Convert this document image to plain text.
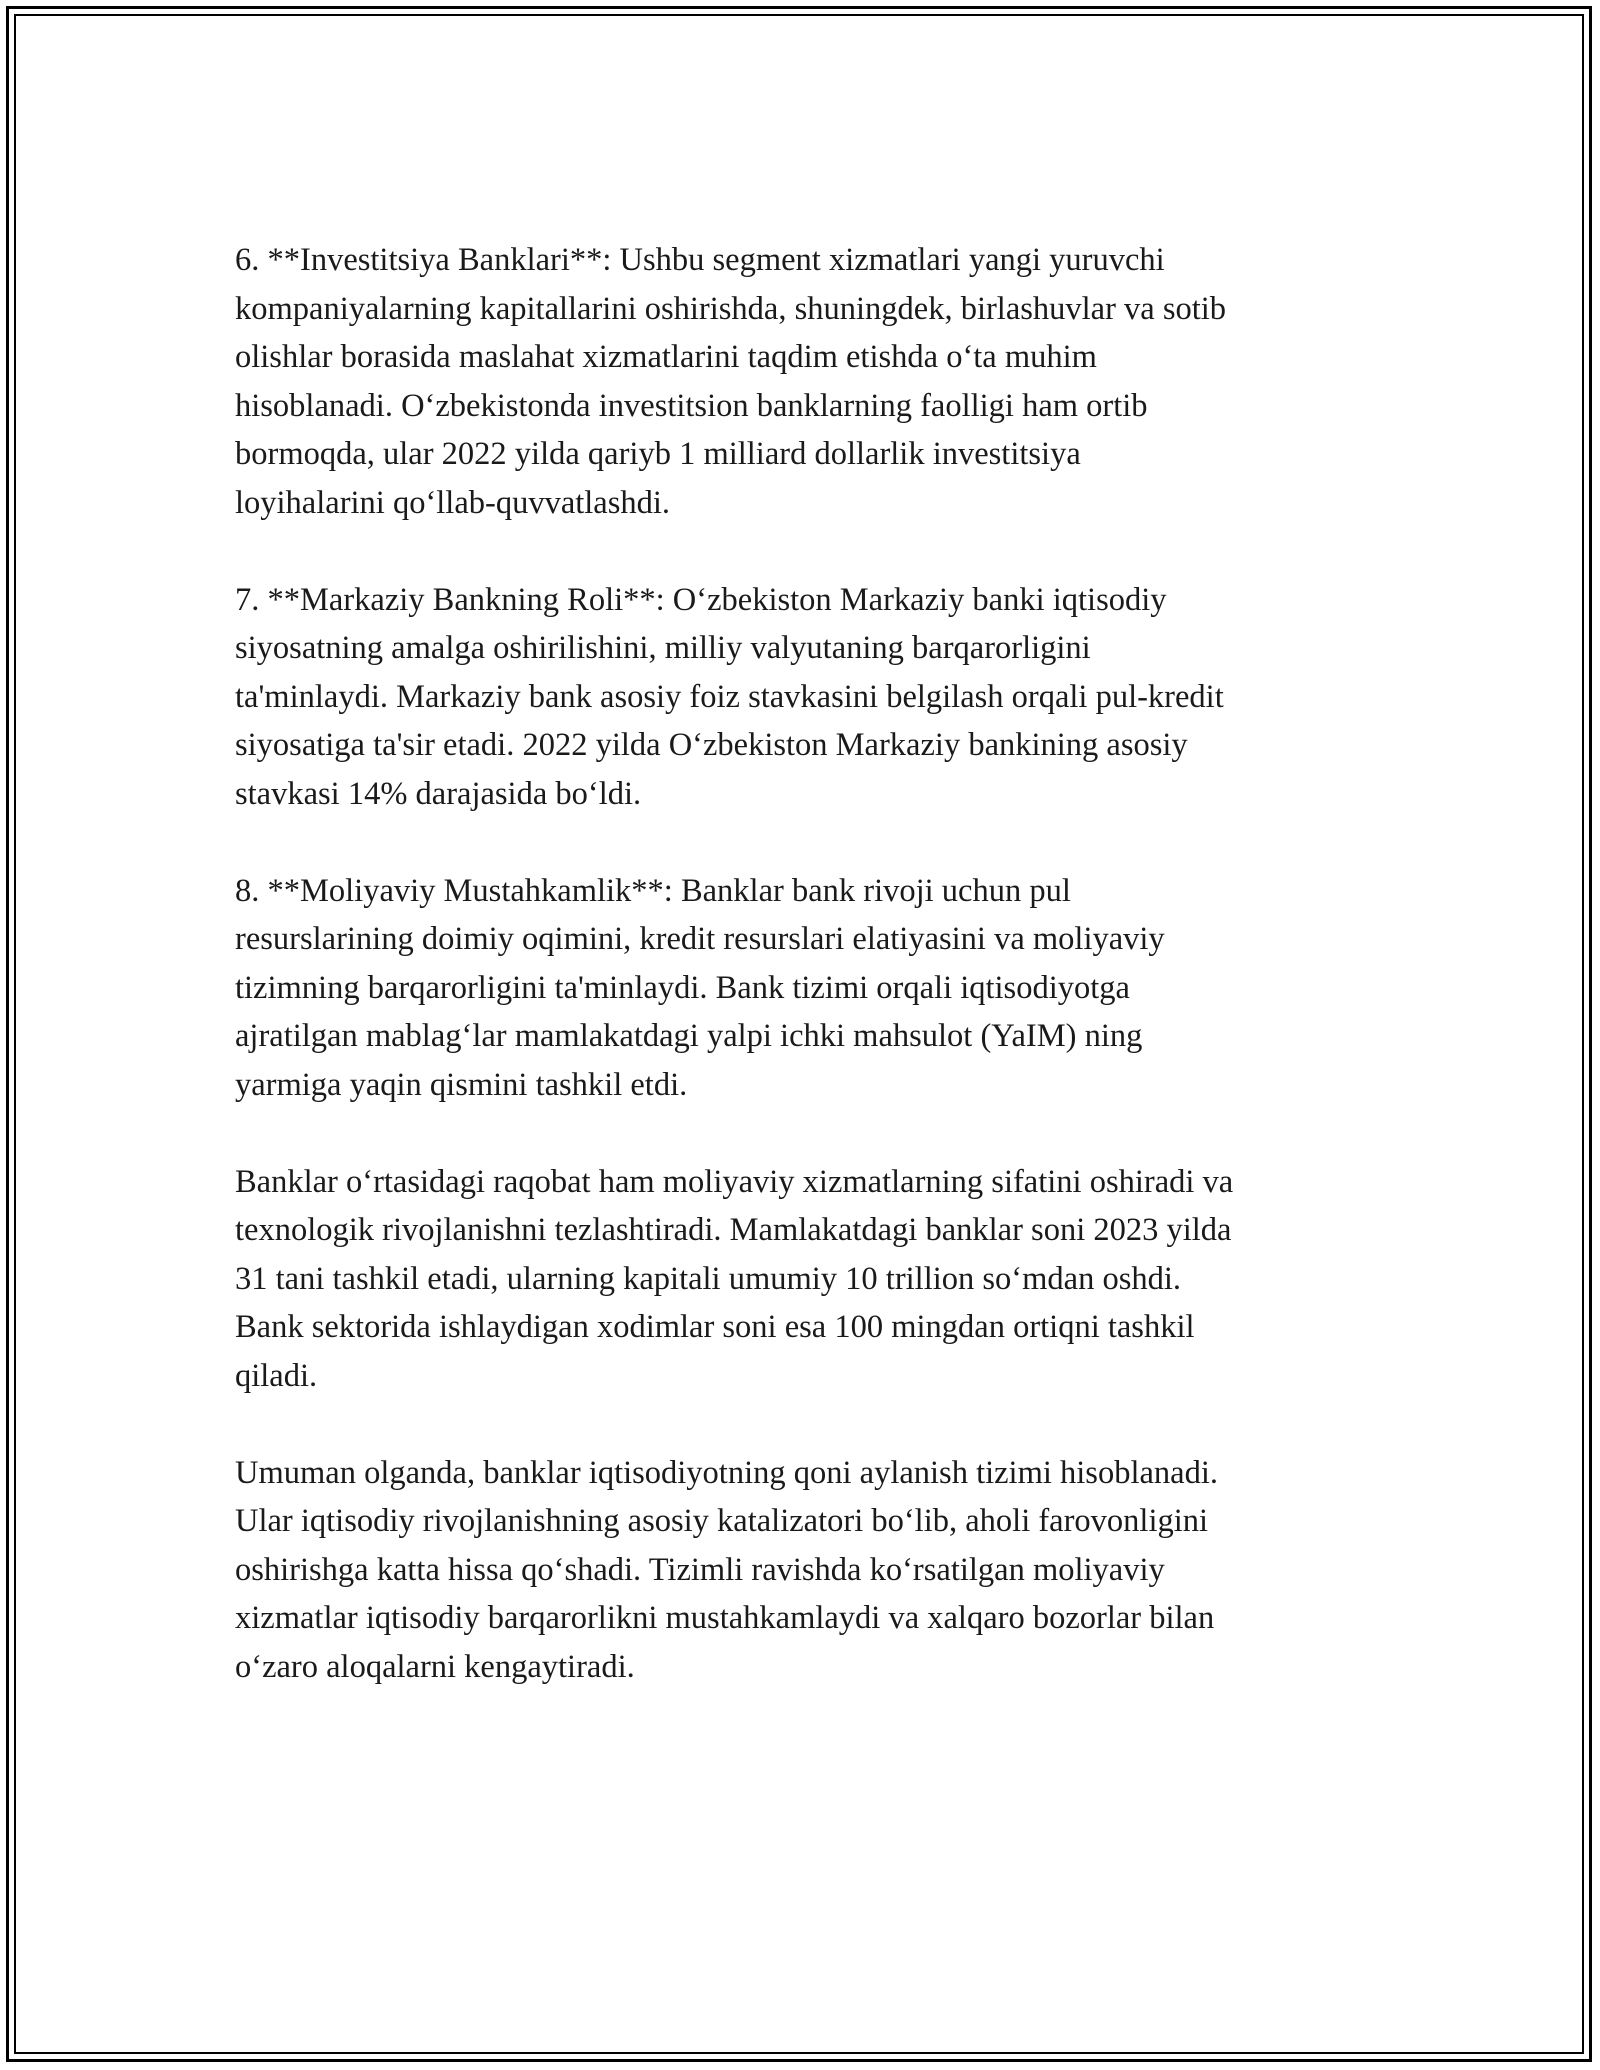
6. **Investitsiya Banklari**: Ushbu segment xizmatlari yangi yuruvchi
kompaniyalarning kapitallarini oshirishda, shuningdek, birlashuvlar va sotib
olishlar borasida maslahat xizmatlarini taqdim etishda o‘ta muhim
hisoblanadi. O‘zbekistonda investitsion banklarning faolligi ham ortib
bormoqda, ular 2022 yilda qariyb 1 milliard dollarlik investitsiya
loyihalarini qo‘llab-quvvatlashdi.

7. **Markaziy Bankning Roli**: O‘zbekiston Markaziy banki iqtisodiy
siyosatning amalga oshirilishini, milliy valyutaning barqarorligini
ta'minlaydi. Markaziy bank asosiy foiz stavkasini belgilash orqali pul-kredit
siyosatiga ta'sir etadi. 2022 yilda O‘zbekiston Markaziy bankining asosiy
stavkasi 14% darajasida bo‘ldi.

8. **Moliyaviy Mustahkamlik**: Banklar bank rivoji uchun pul
resurslarining doimiy oqimini, kredit resurslari elatiyasini va moliyaviy
tizimning barqarorligini ta'minlaydi. Bank tizimi orqali iqtisodiyotga
ajratilgan mablag‘lar mamlakatdagi yalpi ichki mahsulot (YaIM) ning
yarmiga yaqin qismini tashkil etdi.

Banklar o‘rtasidagi raqobat ham moliyaviy xizmatlarning sifatini oshiradi va
texnologik rivojlanishni tezlashtiradi. Mamlakatdagi banklar soni 2023 yilda
31 tani tashkil etadi, ularning kapitali umumiy 10 trillion so‘mdan oshdi.
Bank sektorida ishlaydigan xodimlar soni esa 100 mingdan ortiqni tashkil
qiladi.

Umuman olganda, banklar iqtisodiyotning qoni aylanish tizimi hisoblanadi.
Ular iqtisodiy rivojlanishning asosiy katalizatori bo‘lib, aholi farovonligini
oshirishga katta hissa qo‘shadi. Tizimli ravishda ko‘rsatilgan moliyaviy
xizmatlar iqtisodiy barqarorlikni mustahkamlaydi va xalqaro bozorlar bilan
o‘zaro aloqalarni kengaytiradi.
